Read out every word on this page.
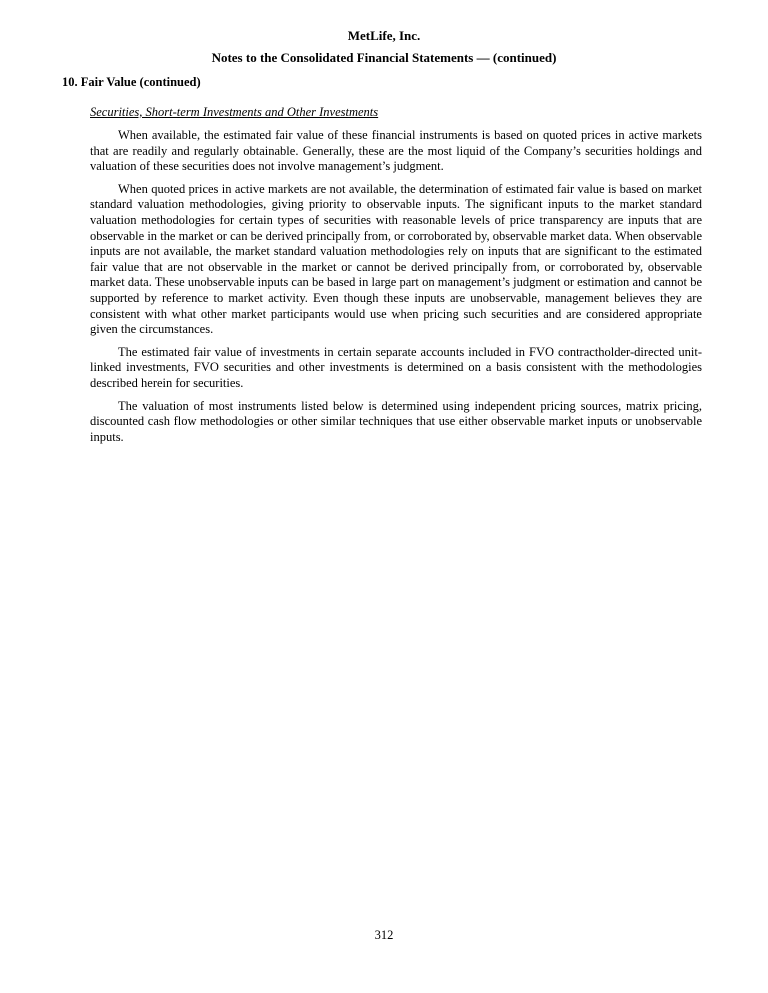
MetLife, Inc.
Notes to the Consolidated Financial Statements — (continued)
10. Fair Value (continued)
Securities, Short-term Investments and Other Investments

When available, the estimated fair value of these financial instruments is based on quoted prices in active markets that are readily and regularly obtainable. Generally, these are the most liquid of the Company’s securities holdings and valuation of these securities does not involve management’s judgment.

When quoted prices in active markets are not available, the determination of estimated fair value is based on market standard valuation methodologies, giving priority to observable inputs. The significant inputs to the market standard valuation methodologies for certain types of securities with reasonable levels of price transparency are inputs that are observable in the market or can be derived principally from, or corroborated by, observable market data. When observable inputs are not available, the market standard valuation methodologies rely on inputs that are significant to the estimated fair value that are not observable in the market or cannot be derived principally from, or corroborated by, observable market data. These unobservable inputs can be based in large part on management’s judgment or estimation and cannot be supported by reference to market activity. Even though these inputs are unobservable, management believes they are consistent with what other market participants would use when pricing such securities and are considered appropriate given the circumstances.

The estimated fair value of investments in certain separate accounts included in FVO contractholder-directed unit-linked investments, FVO securities and other investments is determined on a basis consistent with the methodologies described herein for securities.

The valuation of most instruments listed below is determined using independent pricing sources, matrix pricing, discounted cash flow methodologies or other similar techniques that use either observable market inputs or unobservable inputs.

312
